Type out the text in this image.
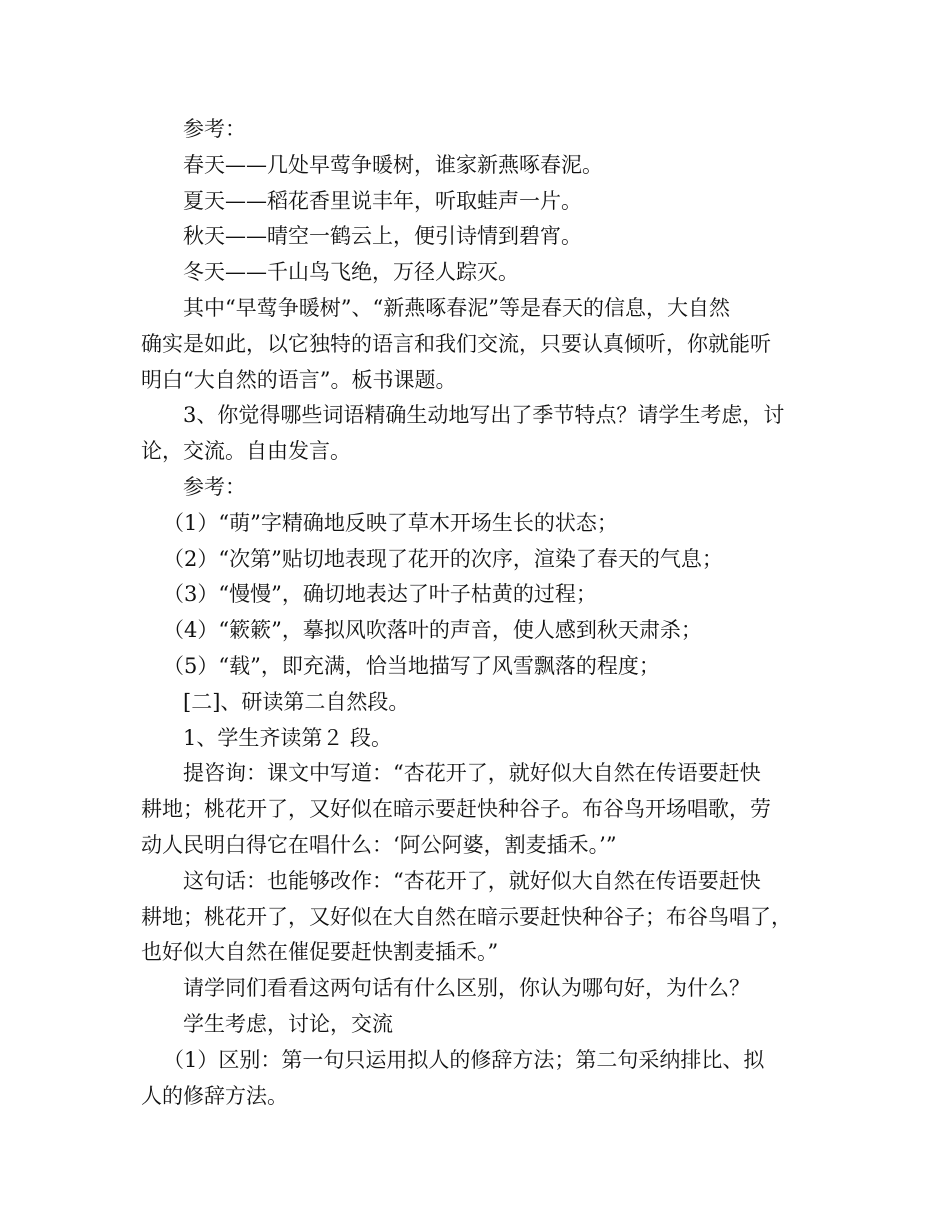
参考：
春天——几处早莺争暖树，谁家新燕啄春泥。
夏天——稻花香里说丰年，听取蛙声一片。
秋天——晴空一鹤云上，便引诗情到碧宵。
冬天——千山鸟飞绝，万径人踪灭。
其中“早莺争暖树”、“新燕啄春泥”等是春天的信息，大自然
确实是如此，以它独特的语言和我们交流，只要认真倾听，你就能听
明白“大自然的语言”。板书课题。
3、你觉得哪些词语精确生动地写出了季节特点？请学生考虑，讨
论，交流。自由发言。
参考：
（1）“萌”字精确地反映了草木开场生长的状态；
（2）“次第”贴切地表现了花开的次序，渲染了春天的气息；
（3）“慢慢”，确切地表达了叶子枯黄的过程；
（4）“簌簌”，摹拟风吹落叶的声音，使人感到秋天肃杀；
（5）“载”，即充满，恰当地描写了风雪飘落的程度；
[二]、研读第二自然段。
1、学生齐读第２ 段。
提咨询：课文中写道：“杏花开了，就好似大自然在传语要赶快
耕地；桃花开了，又好似在暗示要赶快种谷子。布谷鸟开场唱歌，劳
动人民明白得它在唱什么：‘阿公阿婆，割麦插禾。’”
这句话：也能够改作：“杏花开了，就好似大自然在传语要赶快
耕地；桃花开了，又好似在大自然在暗示要赶快种谷子；布谷鸟唱了，
也好似大自然在催促要赶快割麦插禾。”
请学同们看看这两句话有什么区别，你认为哪句好，为什么？
学生考虑，讨论，交流
（1）区别：第一句只运用拟人的修辞方法；第二句采纳排比、拟
人的修辞方法。
